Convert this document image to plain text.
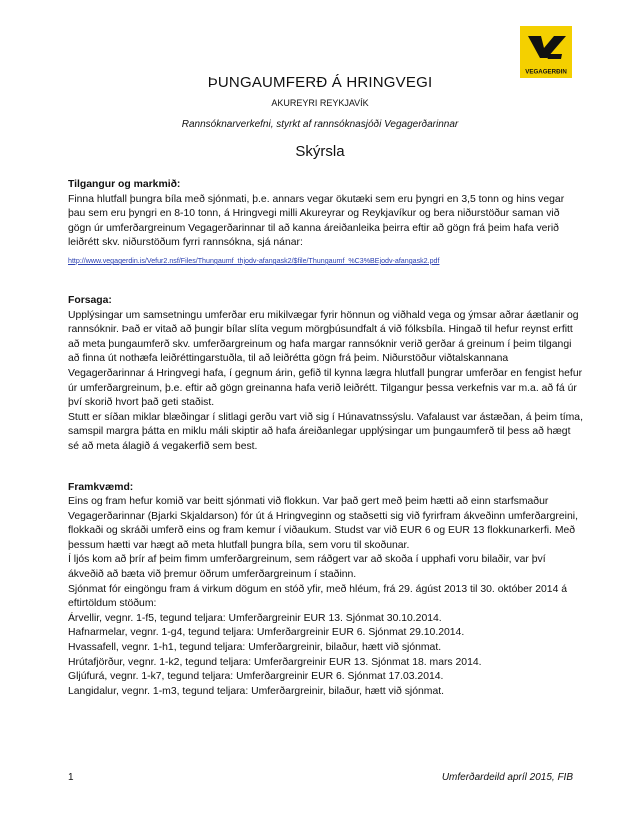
VEGAGERÐIN
ÞUNGAUMFERÐ Á HRINGVEGI
AKUREYRI REYKJAVÍK
Rannsóknarverkefni, styrkt af rannsóknasjóði Vegagerðarinnar
Skýrsla
Tilgangur og markmið:

Finna hlutfall þungra bíla með sjónmati, þ.e. annars vegar ökutæki sem eru þyngri en 3,5 tonn og hins vegar þau sem eru þyngri en 8-10 tonn, á Hringvegi milli Akureyrar og Reykjavíkur og bera niðurstöður saman við gögn úr umferðargreinum Vegagerðarinnar til að kanna áreiðanleika þeirra eftir að gögn frá þeim hafa verið leiðrétt skv. niðurstöðum fyrri rannsókna, sjá nánar:

http://www.vegagerdin.is/Vefur2.nsf/Files/Thungaumf_thjodv-afangask2/$file/Thungaumf_%C3%BEjodv-afangask2.pdf
Forsaga:

Upplýsingar um samsetningu umferðar eru mikilvægar fyrir hönnun og viðhald vega og ýmsar aðrar áætlanir og rannsóknir. Það er vitað að þungir bílar slíta vegum mörgþúsundfalt á við fólksbíla. Hingað til hefur reynst erfitt að meta þungaumferð skv. umferðargreinum og hafa margar rannsóknir verið gerðar á greinum í þeim tilgangi að finna út nothæfa leiðréttingarstuðla, til að leiðrétta gögn frá þeim. Niðurstöður viðtalskannana Vegagerðarinnar á Hringvegi hafa, í gegnum árin, gefið til kynna lægra hlutfall þungrar umferðar en fengist hefur úr umferðargreinum, þ.e. eftir að gögn greinanna hafa verið leiðrétt. Tilgangur þessa verkefnis var m.a. að fá úr því skorið hvort það geti staðist.

Stutt er síðan miklar blæðingar í slitlagi gerðu vart við sig í Húnavatnssýslu. Vafalaust var ástæðan, á þeim tíma, samspil margra þátta en miklu máli skiptir að hafa áreiðanlegar upplýsingar um þungaumferð til þess að hægt sé að meta álagið á vegakerfið sem best.

Framkvæmd:

Eins og fram hefur komið var beitt sjónmati við flokkun. Var það gert með þeim hætti að einn starfsmaður Vegagerðarinnar (Bjarki Skjaldarson) fór út á Hringveginn og staðsetti sig við fyrirfram ákveðinn umferðargreini, flokkaði og skráði umferð eins og fram kemur í viðaukum. Studst var við EUR 6 og EUR 13 flokkunarkerfi. Með þessum hætti var hægt að meta hlutfall þungra bíla, sem voru til skoðunar.

Í ljós kom að þrír af þeim fimm umferðargreinum, sem ráðgert var að skoða í upphafi voru bilaðir, var því ákveðið að bæta við þremur öðrum umferðargreinum í staðinn.

Sjónmat fór eingöngu fram á virkum dögum en stóð yfir, með hléum, frá 29. ágúst 2013 til 30. október 2014 á eftirtöldum stöðum:

Árvellir, vegnr. 1-f5, tegund teljara: Umferðargreinir EUR 13. Sjónmat 30.10.2014.

Hafnarmelar, vegnr. 1-g4, tegund teljara: Umferðargreinir EUR 6. Sjónmat 29.10.2014.

Hvassafell, vegnr. 1-h1, tegund teljara: Umferðargreinir, bilaður, hætt við sjónmat.

Hrútafjörður, vegnr. 1-k2, tegund teljara: Umferðargreinir EUR 13. Sjónmat 18. mars 2014.

Gljúfurá, vegnr. 1-k7, tegund teljara: Umferðargreinir EUR 6. Sjónmat 17.03.2014.

Langidalur, vegnr. 1-m3, tegund teljara: Umferðargreinir, bilaður, hætt við sjónmat.

1	Umferðardeild apríl 2015, FIB
